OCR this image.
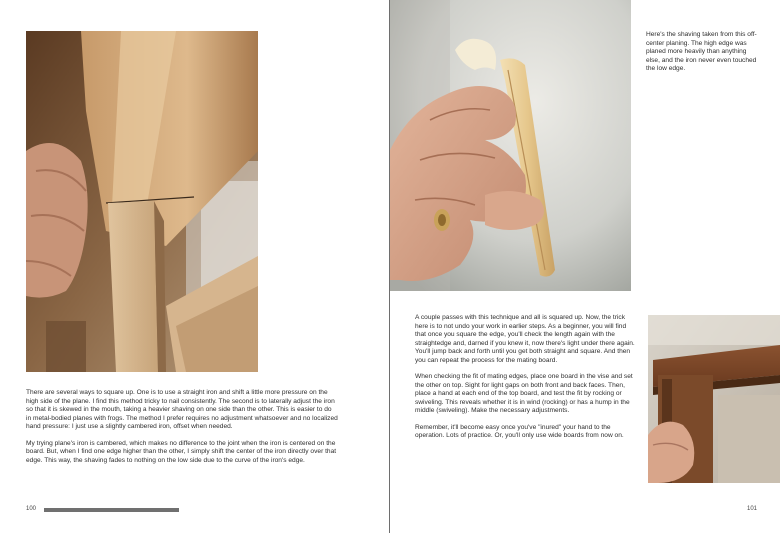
There are several ways to square up. One is to use a straight iron and shift a little more pressure on the high side of the plane. I find this method tricky to nail consistently. The second is to laterally adjust the iron so that it is skewed in the mouth, taking a heavier shaving on one side than the other. This is easier to do in metal-bodied planes with frogs. The method I prefer requires no adjustment whatsoever and no localized hand pressure: I just use a slightly cambered iron, offset when needed.

My trying plane's iron is cambered, which makes no difference to the joint when the iron is centered on the board. But, when I find one edge higher than the other, I simply shift the center of the iron directly over that edge. This way, the shaving fades to nothing on the low side due to the curve of the iron's edge.

100
Here's the shaving taken from this off-center planing. The high edge was planed more heavily than anything else, and the iron never even touched the low edge.

A couple passes with this technique and all is squared up. Now, the trick here is to not undo your work in earlier steps. As a beginner, you will find that once you square the edge, you'll check the length again with the straightedge and, darned if you knew it, now there's light under there again. You'll jump back and forth until you get both straight and square. And then you can repeat the process for the mating board.

When checking the fit of mating edges, place one board in the vise and set the other on top. Sight for light gaps on both front and back faces. Then, place a hand at each end of the top board, and test the fit by rocking or swiveling. This reveals whether it is in wind (rocking) or has a hump in the middle (swiveling). Make the necessary adjustments.

Remember, it'll become easy once you've "inured" your hand to the operation. Lots of practice. Or, you'll only use wide boards from now on.

101
